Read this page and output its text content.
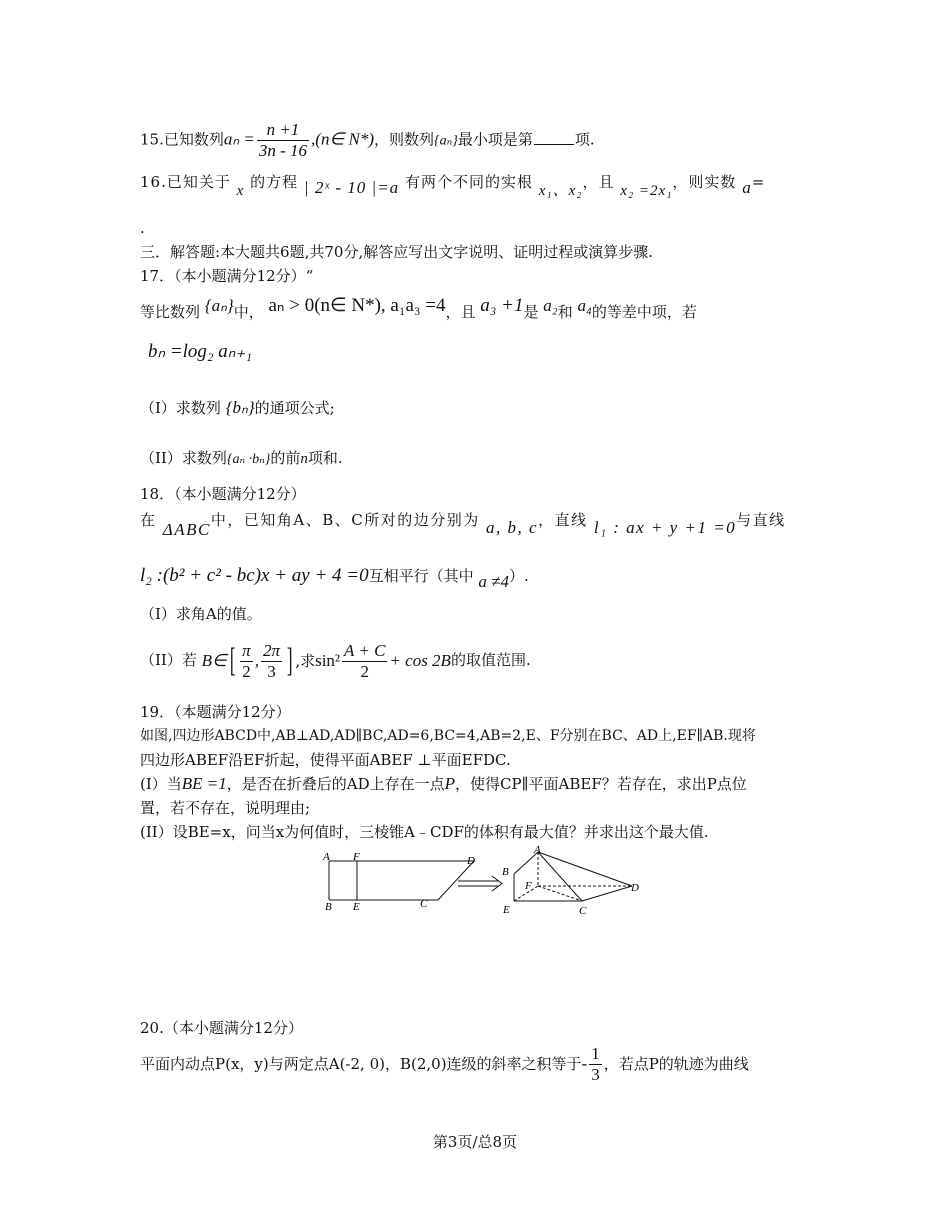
15.已知数列$a_n = \frac{n +1}{3n - 16}$ ,(n∈ N*)，则数列{aₙ}最小项是第	项.
16.已知关于 x 的方程 | 2ˣ - 10 |=a 有两个不同的实根 x₁、x₂，且 x₂ =2x₁，则实数 a=
.
三．解答题:本大题共6题,共70分,解答应写出文字说明、证明过程或演算步骤.
17．（本小题满分12分）“
等比数列 {aₙ}中， aₙ > 0(n∈ N*), a₁a₃ =4，且 a₃ +1是 a₂和 a₄的等差中项，若
bₙ =log₂ aₙ₊₁
（I）求数列 {bₙ}的通项公式;
（II）求数列{aₙ ·bₙ}的前n项和.
18．（本小题满分12分）
在 ΔABC中，已知角A、B、C所对的边分别为 a, b, c，直线 l₁ : ax + y +1 =0与直线
l₂ :(b² + c² - bc)x + ay + 4 =0互相平行（其中 a ≠4）.
（I）求角A的值。
（II）若 B∈[ $\frac{\pi}{2}$ , $\frac{2\pi}{3}$ ] ,求$\sin^2 \frac{A + C}{2} + \cos 2B$的取值范围.
19．（本题满分12分）
如图,四边形ABCD中,AB⊥AD,AD∥BC,AD=6,BC=4,AB=2,E、F分别在BC、AD上,EF∥AB.现将
四边形ABEF沿EF折起，使得平面ABEF ⊥平面EFDC.
(I）当BE =1，是否在折叠后的AD上存在一点P，使得CP∥平面ABEF？若存在，求出P点位
置，若不存在，说明理由;
(II）设BE=x，问当x为何值时，三棱锥A﹣CDF的体积有最大值？并求出这个最大值.
A F	D
B E	C
A
B
F	D
E	C
20.（本小题满分12分）
平面内动点P(x，y)与两定点A(-2, 0)，B(2,0)连级的斜率之积等于- $\frac{1}{3}$ ，若点P的轨迹为曲线
第3页/总8页
